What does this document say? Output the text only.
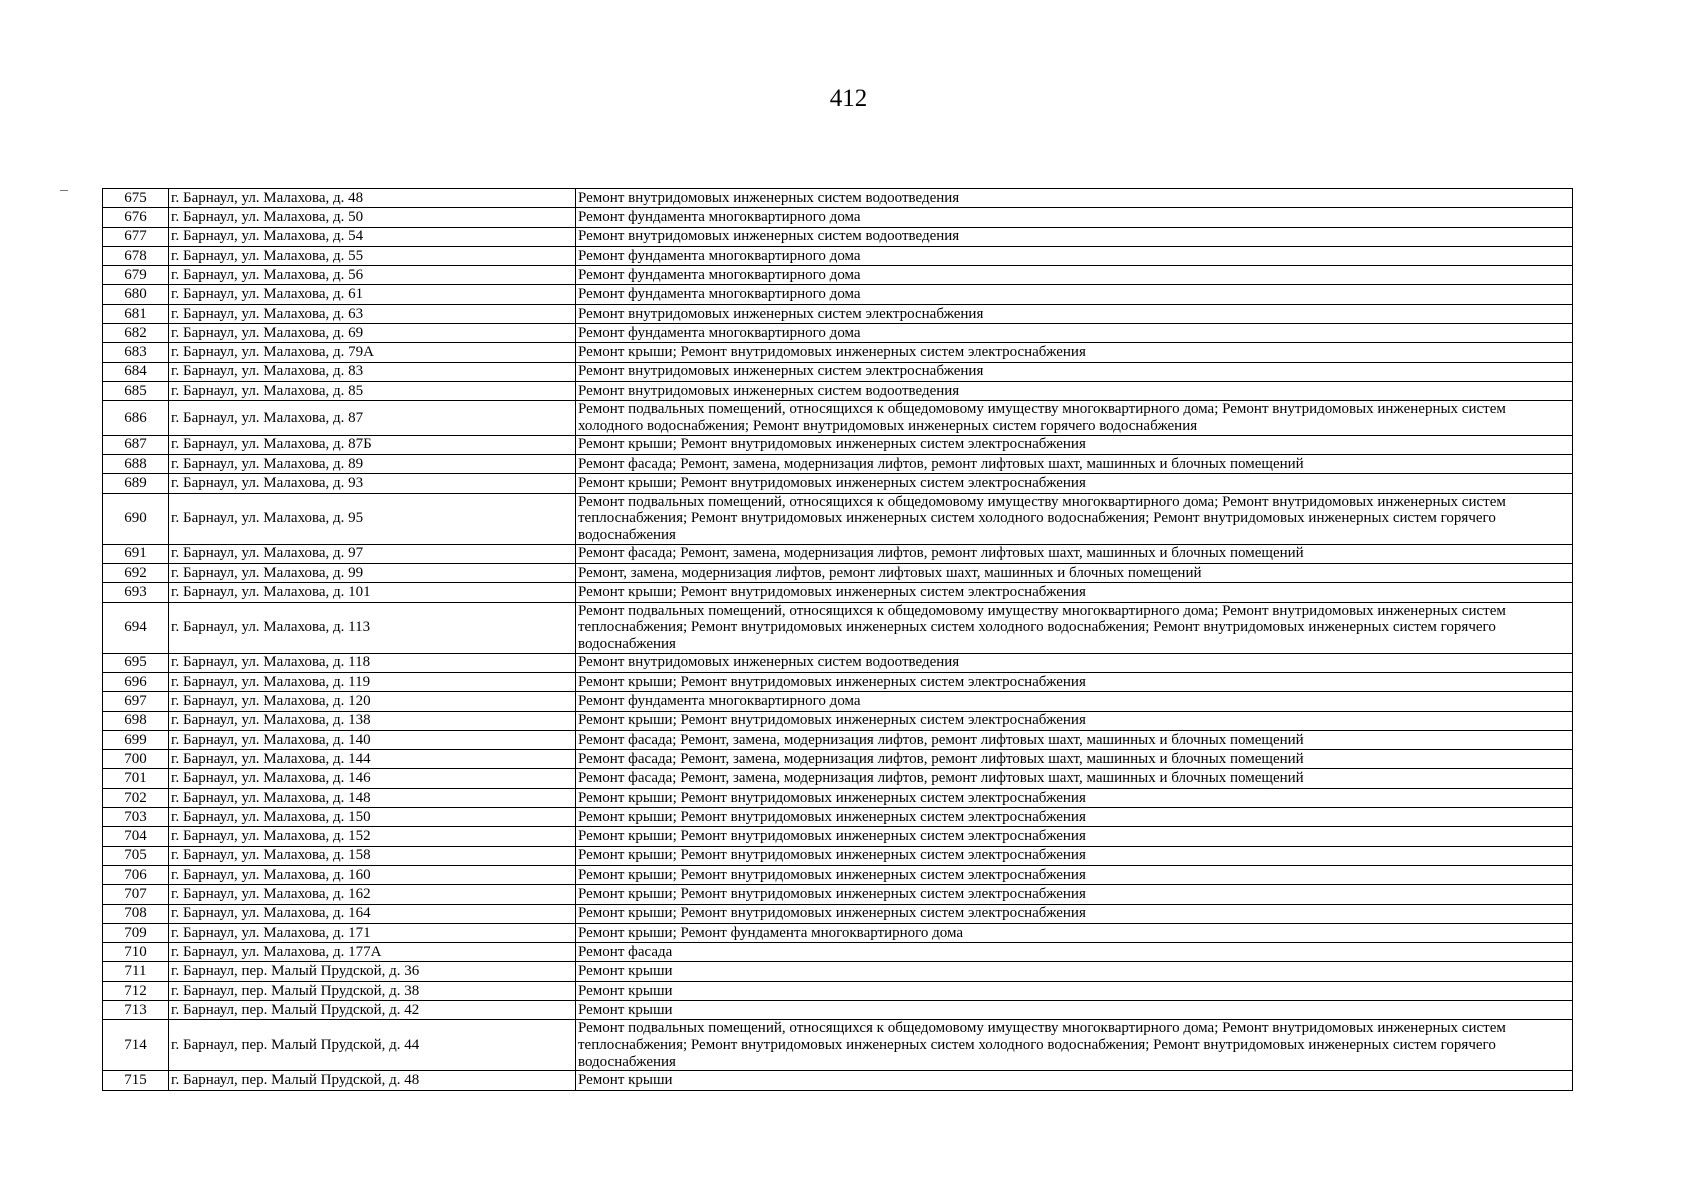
412
675	г. Барнаул, ул. Малахова, д. 48	Ремонт внутридомовых инженерных систем водоотведения
676	г. Барнаул, ул. Малахова, д. 50	Ремонт фундамента многоквартирного дома
677	г. Барнаул, ул. Малахова, д. 54	Ремонт внутридомовых инженерных систем водоотведения
678	г. Барнаул, ул. Малахова, д. 55	Ремонт фундамента многоквартирного дома
679	г. Барнаул, ул. Малахова, д. 56	Ремонт фундамента многоквартирного дома
680	г. Барнаул, ул. Малахова, д. 61	Ремонт фундамента многоквартирного дома
681	г. Барнаул, ул. Малахова, д. 63	Ремонт внутридомовых инженерных систем электроснабжения
682	г. Барнаул, ул. Малахова, д. 69	Ремонт фундамента многоквартирного дома
683	г. Барнаул, ул. Малахова, д. 79А	Ремонт крыши; Ремонт внутридомовых инженерных систем электроснабжения
684	г. Барнаул, ул. Малахова, д. 83	Ремонт внутридомовых инженерных систем электроснабжения
685	г. Барнаул, ул. Малахова, д. 85	Ремонт внутридомовых инженерных систем водоотведения
686	г. Барнаул, ул. Малахова, д. 87	Ремонт подвальных помещений, относящихся к общедомовому имуществу многоквартирного дома; Ремонт внутридомовых инженерных систем холодного водоснабжения; Ремонт внутридомовых инженерных систем горячего водоснабжения
687	г. Барнаул, ул. Малахова, д. 87Б	Ремонт крыши; Ремонт внутридомовых инженерных систем электроснабжения
688	г. Барнаул, ул. Малахова, д. 89	Ремонт фасада; Ремонт, замена, модернизация лифтов, ремонт лифтовых шахт, машинных и блочных помещений
689	г. Барнаул, ул. Малахова, д. 93	Ремонт крыши; Ремонт внутридомовых инженерных систем электроснабжения
690	г. Барнаул, ул. Малахова, д. 95	Ремонт подвальных помещений, относящихся к общедомовому имуществу многоквартирного дома; Ремонт внутридомовых инженерных систем теплоснабжения; Ремонт внутридомовых инженерных систем холодного водоснабжения; Ремонт внутридомовых инженерных систем горячего водоснабжения
691	г. Барнаул, ул. Малахова, д. 97	Ремонт фасада; Ремонт, замена, модернизация лифтов, ремонт лифтовых шахт, машинных и блочных помещений
692	г. Барнаул, ул. Малахова, д. 99	Ремонт, замена, модернизация лифтов, ремонт лифтовых шахт, машинных и блочных помещений
693	г. Барнаул, ул. Малахова, д. 101	Ремонт крыши; Ремонт внутридомовых инженерных систем электроснабжения
694	г. Барнаул, ул. Малахова, д. 113	Ремонт подвальных помещений, относящихся к общедомовому имуществу многоквартирного дома; Ремонт внутридомовых инженерных систем теплоснабжения; Ремонт внутридомовых инженерных систем холодного водоснабжения; Ремонт внутридомовых инженерных систем горячего водоснабжения
695	г. Барнаул, ул. Малахова, д. 118	Ремонт внутридомовых инженерных систем водоотведения
696	г. Барнаул, ул. Малахова, д. 119	Ремонт крыши; Ремонт внутридомовых инженерных систем электроснабжения
697	г. Барнаул, ул. Малахова, д. 120	Ремонт фундамента многоквартирного дома
698	г. Барнаул, ул. Малахова, д. 138	Ремонт крыши; Ремонт внутридомовых инженерных систем электроснабжения
699	г. Барнаул, ул. Малахова, д. 140	Ремонт фасада; Ремонт, замена, модернизация лифтов, ремонт лифтовых шахт, машинных и блочных помещений
700	г. Барнаул, ул. Малахова, д. 144	Ремонт фасада; Ремонт, замена, модернизация лифтов, ремонт лифтовых шахт, машинных и блочных помещений
701	г. Барнаул, ул. Малахова, д. 146	Ремонт фасада; Ремонт, замена, модернизация лифтов, ремонт лифтовых шахт, машинных и блочных помещений
702	г. Барнаул, ул. Малахова, д. 148	Ремонт крыши; Ремонт внутридомовых инженерных систем электроснабжения
703	г. Барнаул, ул. Малахова, д. 150	Ремонт крыши; Ремонт внутридомовых инженерных систем электроснабжения
704	г. Барнаул, ул. Малахова, д. 152	Ремонт крыши; Ремонт внутридомовых инженерных систем электроснабжения
705	г. Барнаул, ул. Малахова, д. 158	Ремонт крыши; Ремонт внутридомовых инженерных систем электроснабжения
706	г. Барнаул, ул. Малахова, д. 160	Ремонт крыши; Ремонт внутридомовых инженерных систем электроснабжения
707	г. Барнаул, ул. Малахова, д. 162	Ремонт крыши; Ремонт внутридомовых инженерных систем электроснабжения
708	г. Барнаул, ул. Малахова, д. 164	Ремонт крыши; Ремонт внутридомовых инженерных систем электроснабжения
709	г. Барнаул, ул. Малахова, д. 171	Ремонт крыши; Ремонт фундамента многоквартирного дома
710	г. Барнаул, ул. Малахова, д. 177А	Ремонт фасада
711	г. Барнаул, пер. Малый Прудской, д. 36	Ремонт крыши
712	г. Барнаул, пер. Малый Прудской, д. 38	Ремонт крыши
713	г. Барнаул, пер. Малый Прудской, д. 42	Ремонт крыши
714	г. Барнаул, пер. Малый Прудской, д. 44	Ремонт подвальных помещений, относящихся к общедомовому имуществу многоквартирного дома; Ремонт внутридомовых инженерных систем теплоснабжения; Ремонт внутридомовых инженерных систем холодного водоснабжения; Ремонт внутридомовых инженерных систем горячего водоснабжения
715	г. Барнаул, пер. Малый Прудской, д. 48	Ремонт крыши
